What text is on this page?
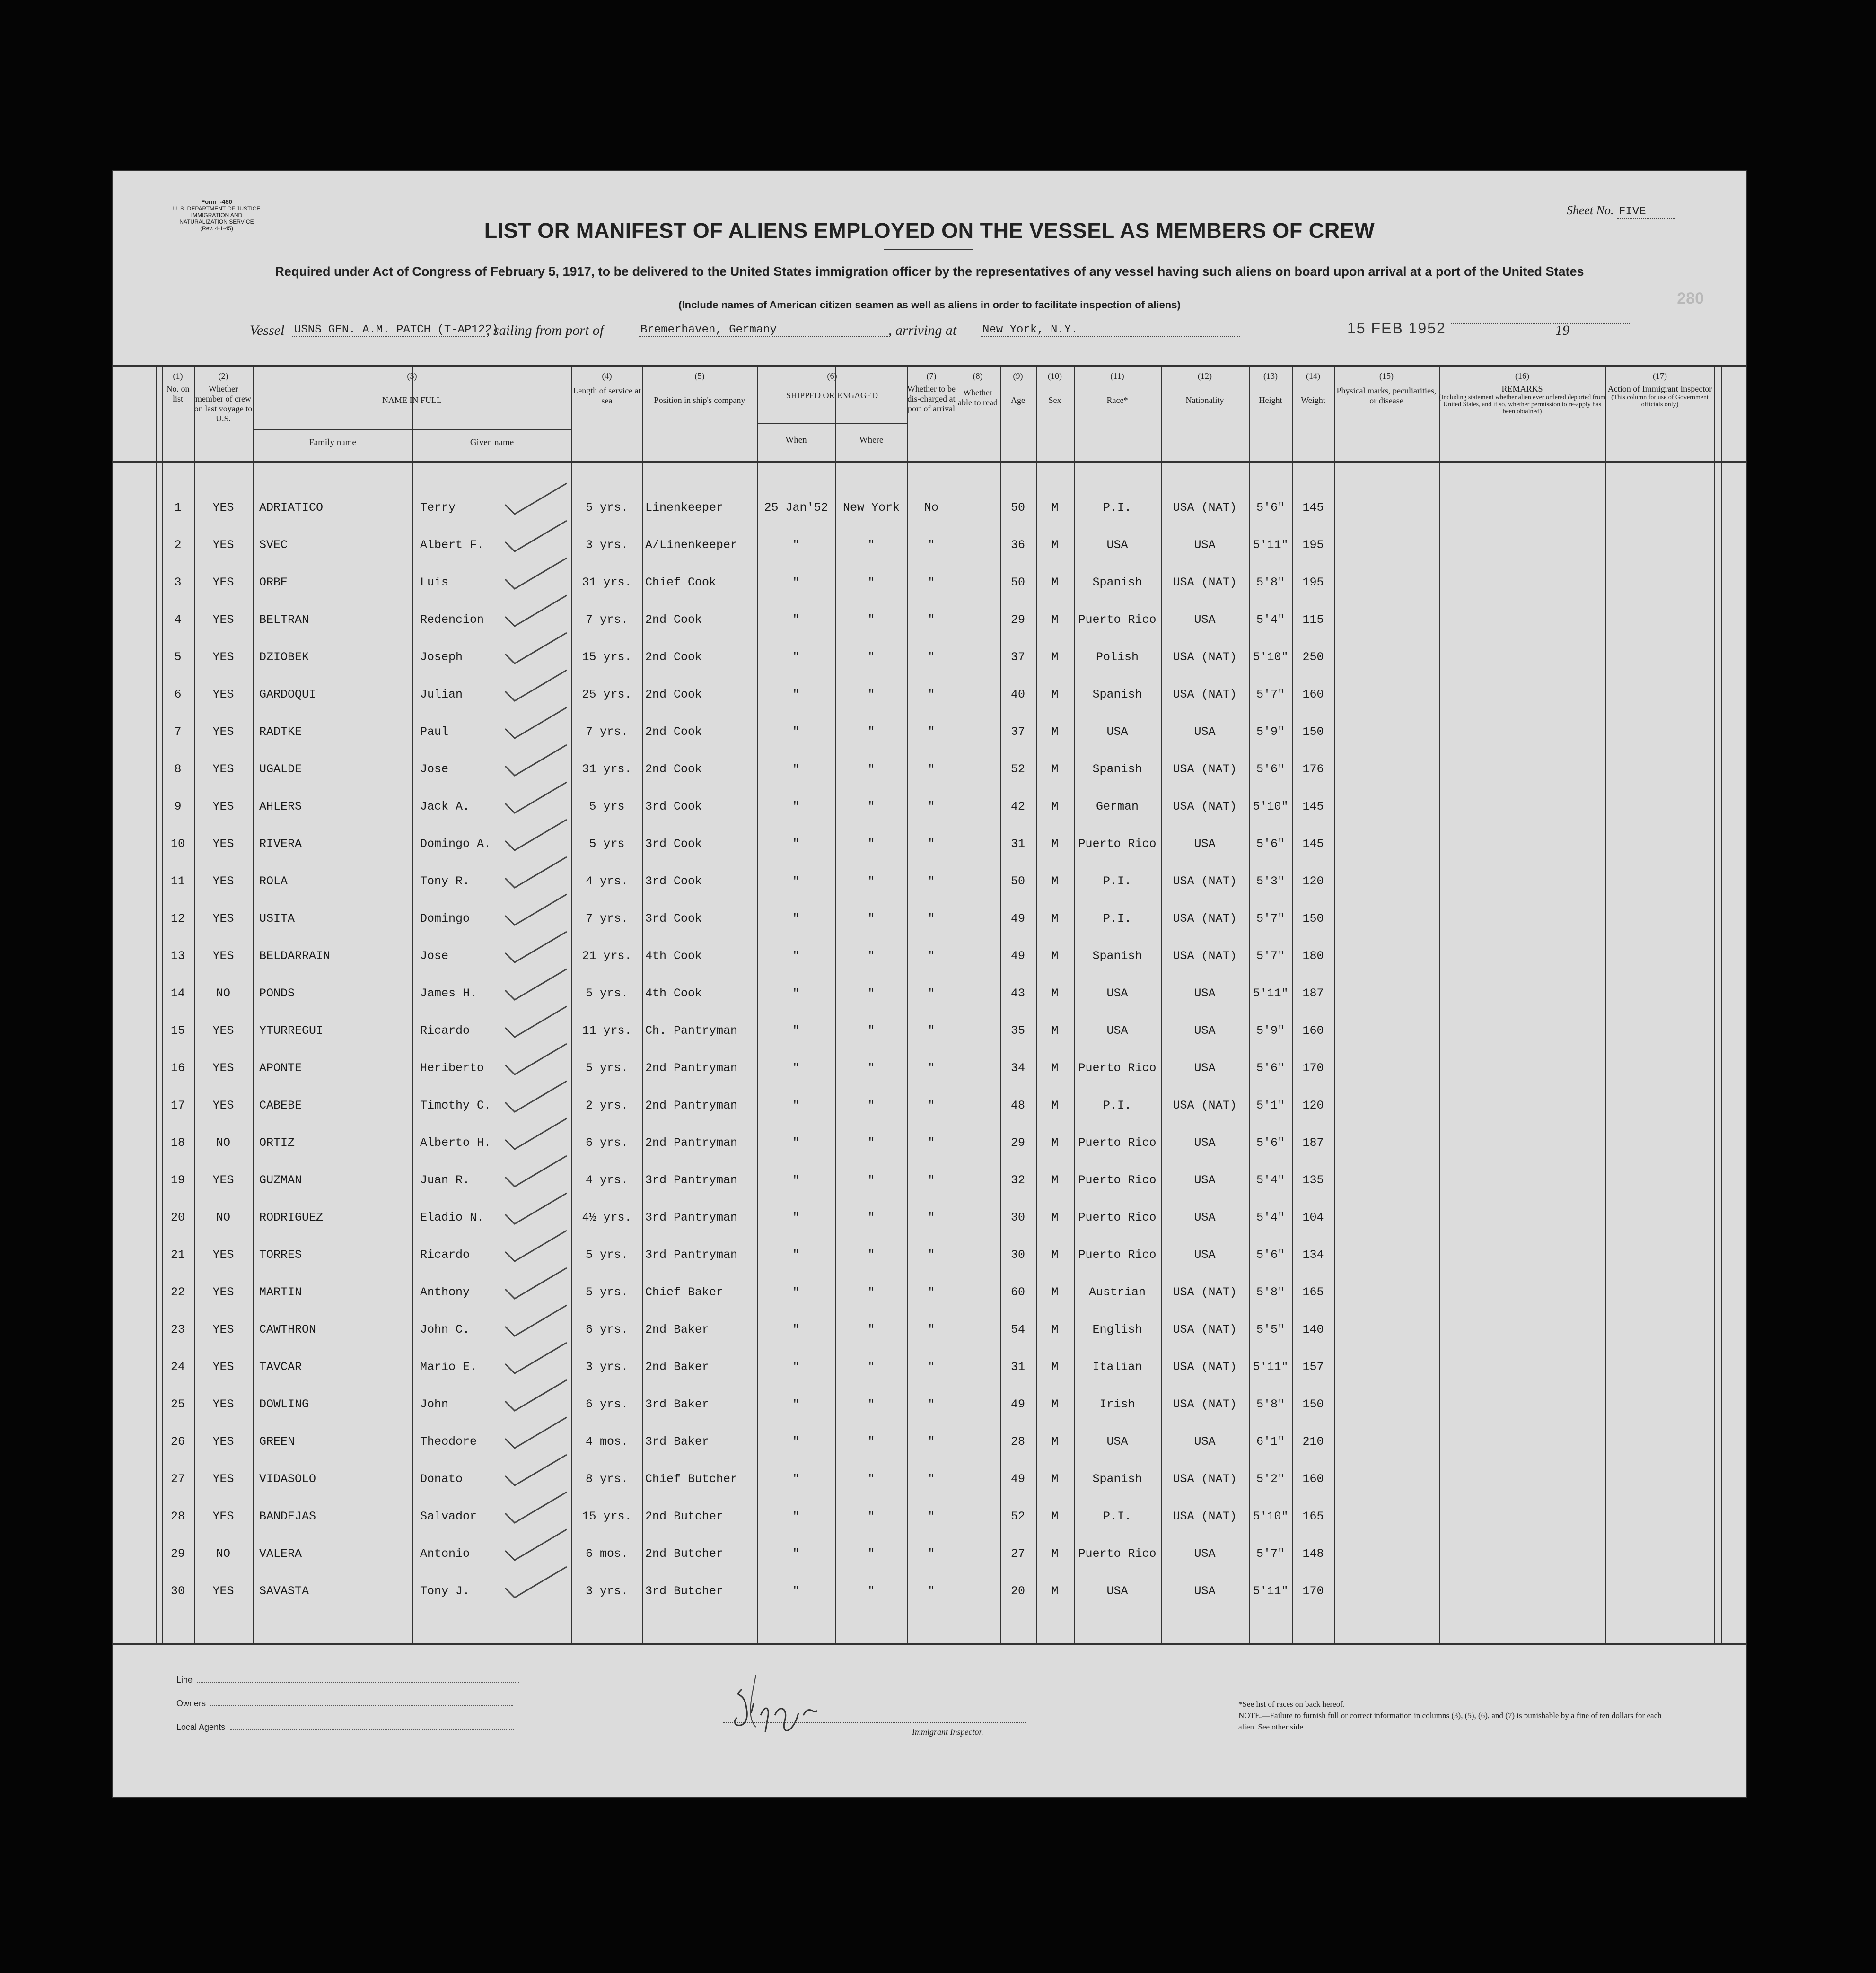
Form I-480
U. S. DEPARTMENT OF JUSTICE
IMMIGRATION AND NATURALIZATION SERVICE
(Rev. 4-1-45)
Sheet No. FIVE
280
LIST OR MANIFEST OF ALIENS EMPLOYED ON THE VESSEL AS MEMBERS OF CREW
Required under Act of Congress of February 5, 1917, to be delivered to the United States immigration officer by the representatives of any vessel having such aliens on board upon arrival at a port of the United States
(Include names of American citizen seamen as well as aliens in order to facilitate inspection of aliens)
Vessel USNS GEN. A.M. PATCH (T-AP122)
, sailing from port of	Bremerhaven, Germany	, arriving at New York, N.Y.	19
15 FEB 1952
(1)
No. on list
(2)
Whether member of crew on last voyage to U.S.
(3)
NAME IN FULL
Family name	Given name
(4)
Length of service at sea
(5)
Position in ship's company
(6)
SHIPPED OR ENGAGED
When	Where
(7)
Whether to be dis-charged at port of arrival
(8)
Whether able to read
(9)
Age
(10)
Sex
(11)
Race*
(12)
Nationality
(13)
Height
(14)
Weight
(15)
Physical marks, peculiarities, or disease
(16)
REMARKS
(Including statement whether alien ever ordered deported from United States, and if so, whether permission to re-apply has been obtained)
(17)
Action of Immigrant Inspector
(This column for use of Government officials only)
1	YES	ADRIATICO	Terry	5 yrs.	Linenkeeper	25 Jan'52	New York	No	50	M	P.I.	USA (NAT)	5'6"	145
2	YES	SVEC	Albert F.	3 yrs.	A/Linenkeeper	"	"	"	36	M	USA	USA	5'11"	195
3	YES	ORBE	Luis	31 yrs.	Chief Cook	"	"	"	50	M	Spanish	USA (NAT)	5'8"	195
4	YES	BELTRAN	Redencion	7 yrs.	2nd Cook	"	"	"	29	M	Puerto Rico	USA	5'4"	115
5	YES	DZIOBEK	Joseph	15 yrs.	2nd Cook	"	"	"	37	M	Polish	USA (NAT)	5'10"	250
6	YES	GARDOQUI	Julian	25 yrs.	2nd Cook	"	"	"	40	M	Spanish	USA (NAT)	5'7"	160
7	YES	RADTKE	Paul	7 yrs.	2nd Cook	"	"	"	37	M	USA	USA	5'9"	150
8	YES	UGALDE	Jose	31 yrs.	2nd Cook	"	"	"	52	M	Spanish	USA (NAT)	5'6"	176
9	YES	AHLERS	Jack A.	5 yrs	3rd Cook	"	"	"	42	M	German	USA (NAT)	5'10"	145
10	YES	RIVERA	Domingo A.	5 yrs	3rd Cook	"	"	"	31	M	Puerto Rico	USA	5'6"	145
11	YES	ROLA	Tony R.	4 yrs.	3rd Cook	"	"	"	50	M	P.I.	USA (NAT)	5'3"	120
12	YES	USITA	Domingo	7 yrs.	3rd Cook	"	"	"	49	M	P.I.	USA (NAT)	5'7"	150
13	YES	BELDARRAIN	Jose	21 yrs.	4th Cook	"	"	"	49	M	Spanish	USA (NAT)	5'7"	180
14	NO	PONDS	James H.	5 yrs.	4th Cook	"	"	"	43	M	USA	USA	5'11"	187
15	YES	YTURREGUI	Ricardo	11 yrs.	Ch. Pantryman	"	"	"	35	M	USA	USA	5'9"	160
16	YES	APONTE	Heriberto	5 yrs.	2nd Pantryman	"	"	"	34	M	Puerto Rico	USA	5'6"	170
17	YES	CABEBE	Timothy C.	2 yrs.	2nd Pantryman	"	"	"	48	M	P.I.	USA (NAT)	5'1"	120
18	NO	ORTIZ	Alberto H.	6 yrs.	2nd Pantryman	"	"	"	29	M	Puerto Rico	USA	5'6"	187
19	YES	GUZMAN	Juan R.	4 yrs.	3rd Pantryman	"	"	"	32	M	Puerto Rico	USA	5'4"	135
20	NO	RODRIGUEZ	Eladio N.	4½ yrs.	3rd Pantryman	"	"	"	30	M	Puerto Rico	USA	5'4"	104
21	YES	TORRES	Ricardo	5 yrs.	3rd Pantryman	"	"	"	30	M	Puerto Rico	USA	5'6"	134
22	YES	MARTIN	Anthony	5 yrs.	Chief Baker	"	"	"	60	M	Austrian	USA (NAT)	5'8"	165
23	YES	CAWTHRON	John C.	6 yrs.	2nd Baker	"	"	"	54	M	English	USA (NAT)	5'5"	140
24	YES	TAVCAR	Mario E.	3 yrs.	2nd Baker	"	"	"	31	M	Italian	USA (NAT)	5'11"	157
25	YES	DOWLING	John	6 yrs.	3rd Baker	"	"	"	49	M	Irish	USA (NAT)	5'8"	150
26	YES	GREEN	Theodore	4 mos.	3rd Baker	"	"	"	28	M	USA	USA	6'1"	210
27	YES	VIDASOLO	Donato	8 yrs.	Chief Butcher	"	"	"	49	M	Spanish	USA (NAT)	5'2"	160
28	YES	BANDEJAS	Salvador	15 yrs.	2nd Butcher	"	"	"	52	M	P.I.	USA (NAT)	5'10"	165
29	NO	VALERA	Antonio	6 mos.	2nd Butcher	"	"	"	27	M	Puerto Rico	USA	5'7"	148
30	YES	SAVASTA	Tony J.	3 yrs.	3rd Butcher	"	"	"	20	M	USA	USA	5'11"	170
Line
Owners
Local Agents	Immigrant Inspector.
*See list of races on back hereof.
NOTE.—Failure to furnish full or correct information in columns (3), (5), (6), and (7) is punishable by a fine of ten dollars for each alien. See other side.
